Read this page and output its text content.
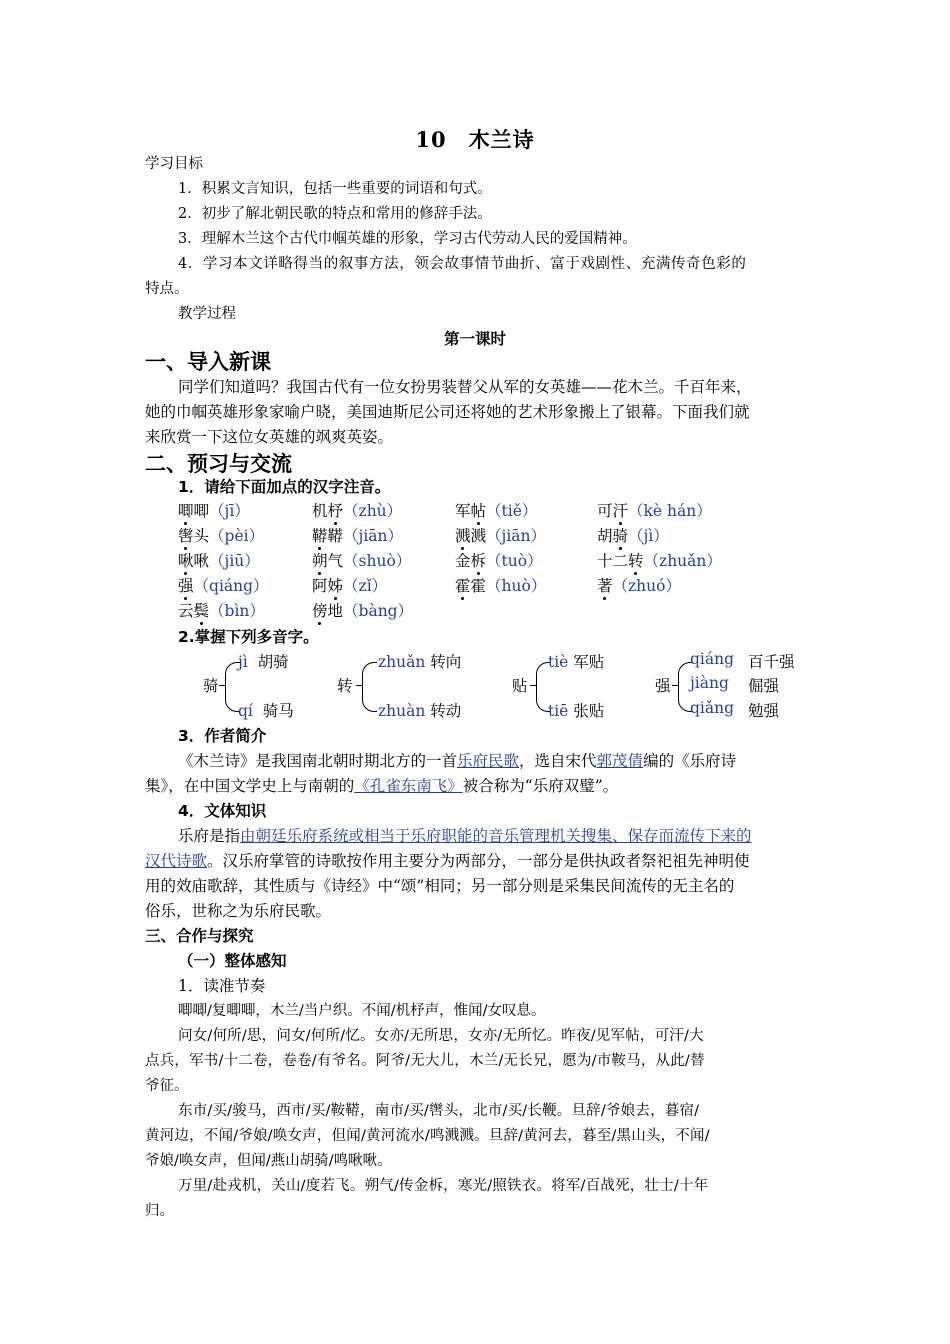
10　木兰诗
学习目标
1．积累文言知识，包括一些重要的词语和句式。
2．初步了解北朝民歌的特点和常用的修辞手法。
3．理解木兰这个古代巾帼英雄的形象，学习古代劳动人民的爱国精神。
4．学习本文详略得当的叙事方法，领会故事情节曲折、富于戏剧性、充满传奇色彩的
特点。
教学过程
第一课时
一、导入新课
同学们知道吗？我国古代有一位女扮男装替父从军的女英雄——花木兰。千百年来，
她的巾帼英雄形象家喻户晓，美国迪斯尼公司还将她的艺术形象搬上了银幕。下面我们就
来欣赏一下这位女英雄的飒爽英姿。
二、预习与交流
1．请给下面加点的汉字注音。
唧唧（jī）	机杼（zhù）	军帖（tiě）	可汗（kè hán）
辔头（pèi）	鞯鞯（jiān）	溅溅（jiān）	胡骑（jì）
啾啾（jiū）	朔气（shuò）	金柝（tuò）	十二转（zhuǎn）
强（qiáng）	阿姊（zǐ）	霍霍（huò）	著（zhuó）
云鬓（bìn）	傍地（bàng）
2.掌握下列多音字。
骑
jì 胡骑
qí 骑马
转
zhuǎn 转向
zhuàn 转动
贴
tiè 军贴
tiē 张贴
强
qiáng 百千强
jiàng 倔强
qiǎng 勉强
3．作者简介
《木兰诗》是我国南北朝时期北方的一首乐府民歌，选自宋代郭茂倩编的《乐府诗
集》，在中国文学史上与南朝的《孔雀东南飞》被合称为“乐府双璧”。
4．文体知识
乐府是指由朝廷乐府系统或相当于乐府职能的音乐管理机关搜集、保存而流传下来的
汉代诗歌。汉乐府掌管的诗歌按作用主要分为两部分，一部分是供执政者祭祀祖先神明使
用的效庙歌辞，其性质与《诗经》中“颂”相同；另一部分则是采集民间流传的无主名的
俗乐，世称之为乐府民歌。
三、合作与探究
（一）整体感知
1．读准节奏
唧唧/复唧唧，木兰/当户织。不闻/机杼声，惟闻/女叹息。
问女/何所/思，问女/何所/忆。女亦/无所思，女亦/无所忆。昨夜/见军帖，可汗/大
点兵，军书/十二卷，卷卷/有爷名。阿爷/无大儿，木兰/无长兄，愿为/市鞍马，从此/替
爷征。
东市/买/骏马，西市/买/鞍鞯，南市/买/辔头，北市/买/长鞭。旦辞/爷娘去，暮宿/
黄河边，不闻/爷娘/唤女声，但闻/黄河流水/鸣溅溅。旦辞/黄河去，暮至/黑山头，不闻/
爷娘/唤女声，但闻/燕山胡骑/鸣啾啾。
万里/赴戎机，关山/度若飞。朔气/传金柝，寒光/照铁衣。将军/百战死，壮士/十年
归。
